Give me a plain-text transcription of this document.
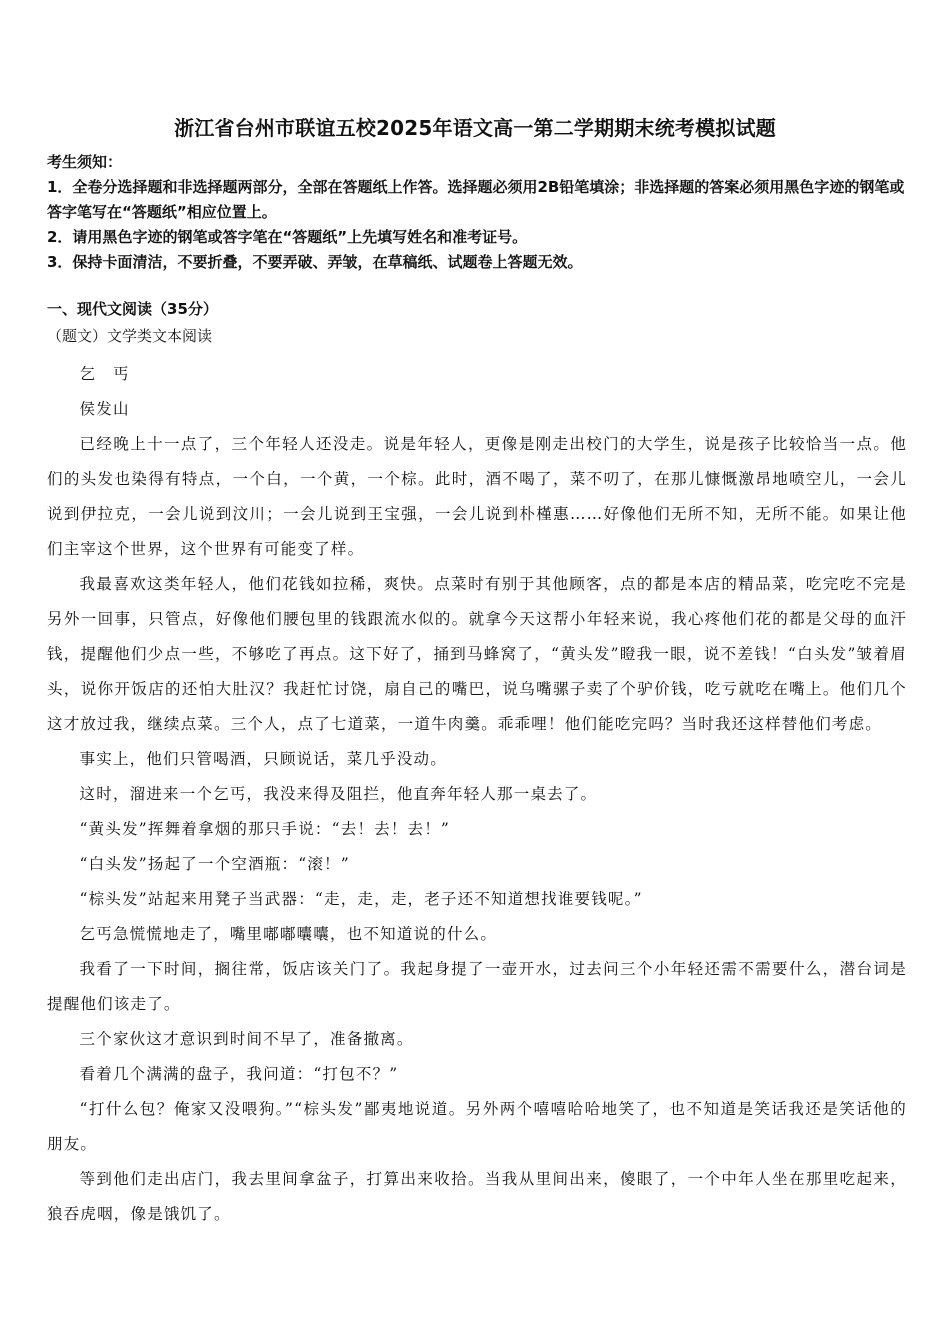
浙江省台州市联谊五校2025年语文高一第二学期期末统考模拟试题

考生须知：

1．全卷分选择题和非选择题两部分，全部在答题纸上作答。选择题必须用2B铅笔填涂；非选择题的答案必须用黑色字迹的钢笔或答字笔写在“答题纸”相应位置上。

2．请用黑色字迹的钢笔或答字笔在“答题纸”上先填写姓名和准考证号。

3．保持卡面清洁，不要折叠，不要弄破、弄皱，在草稿纸、试题卷上答题无效。

一、现代文阅读（35分）
（题文）文学类文本阅读

乞　丐

侯发山

已经晚上十一点了，三个年轻人还没走。说是年轻人，更像是刚走出校门的大学生，说是孩子比较恰当一点。他们的头发也染得有特点，一个白，一个黄，一个棕。此时，酒不喝了，菜不叨了，在那儿慷慨激昂地喷空儿，一会儿说到伊拉克，一会儿说到汶川；一会儿说到王宝强，一会儿说到朴槿惠……好像他们无所不知，无所不能。如果让他们主宰这个世界，这个世界有可能变了样。

我最喜欢这类年轻人，他们花钱如拉稀，爽快。点菜时有别于其他顾客，点的都是本店的精品菜，吃完吃不完是另外一回事，只管点，好像他们腰包里的钱跟流水似的。就拿今天这帮小年轻来说，我心疼他们花的都是父母的血汗钱，提醒他们少点一些，不够吃了再点。这下好了，捅到马蜂窝了，“黄头发”瞪我一眼，说不差钱！“白头发”皱着眉头，说你开饭店的还怕大肚汉？我赶忙讨饶，扇自己的嘴巴，说乌嘴骡子卖了个驴价钱，吃亏就吃在嘴上。他们几个这才放过我，继续点菜。三个人，点了七道菜，一道牛肉羹。乖乖哩！他们能吃完吗？当时我还这样替他们考虑。

事实上，他们只管喝酒，只顾说话，菜几乎没动。

这时，溜进来一个乞丐，我没来得及阻拦，他直奔年轻人那一桌去了。

“黄头发”挥舞着拿烟的那只手说：“去！去！去！”

“白头发”扬起了一个空酒瓶：“滚！”

“棕头发”站起来用凳子当武器：“走，走，走，老子还不知道想找谁要钱呢。”

乞丐急慌慌地走了，嘴里嘟嘟囔囔，也不知道说的什么。

我看了一下时间，搁往常，饭店该关门了。我起身提了一壶开水，过去问三个小年轻还需不需要什么，潜台词是提醒他们该走了。

三个家伙这才意识到时间不早了，准备撤离。

看着几个满满的盘子，我问道：“打包不？”

“打什么包？俺家又没喂狗。”“棕头发”鄙夷地说道。另外两个嘻嘻哈哈地笑了，也不知道是笑话我还是笑话他的朋友。

等到他们走出店门，我去里间拿盆子，打算出来收拾。当我从里间出来，傻眼了，一个中年人坐在那里吃起来，狼吞虎咽，像是饿饥了。
